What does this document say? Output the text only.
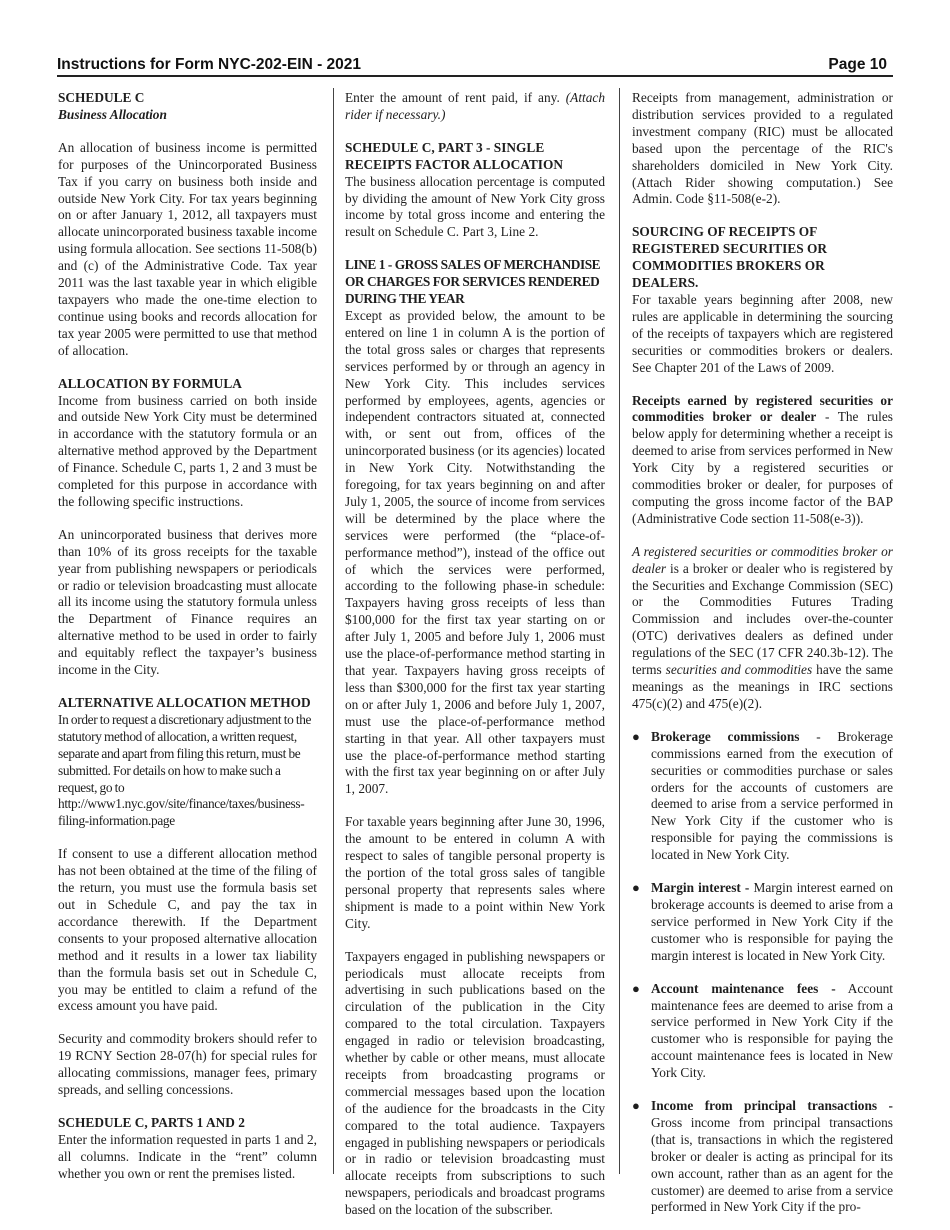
Instructions for Form NYC-202-EIN - 2021	Page 10
SCHEDULE C
Business Allocation

An allocation of business income is permitted for purposes of the Unincorporated Business Tax if you carry on business both inside and outside New York City. For tax years beginning on or after January 1, 2012, all taxpayers must allocate unincorporated business taxable income using formula allocation. See sections 11-508(b) and (c) of the Administrative Code. Tax year 2011 was the last taxable year in which eligible taxpayers who made the one-time election to continue using books and records allocation for tax year 2005 were permitted to use that method of allocation.

ALLOCATION BY FORMULA

Income from business carried on both inside and outside New York City must be determined in accordance with the statutory formula or an alternative method approved by the Department of Finance. Schedule C, parts 1, 2 and 3 must be completed for this purpose in accordance with the following specific instructions.

An unincorporated business that derives more than 10% of its gross receipts for the taxable year from publishing newspapers or periodicals or radio or television broadcasting must allocate all its income using the statutory formula unless the Department of Finance requires an alternative method to be used in order to fairly and equitably reflect the taxpayer’s business income in the City.

ALTERNATIVE ALLOCATION METHOD

In order to request a discretionary adjustment to the statutory method of allocation, a written request, separate and apart from filing this return, must be submitted. For details on how to make such a request, go to http://www1.nyc.gov/site/finance/taxes/business-filing-information.page

If consent to use a different allocation method has not been obtained at the time of the filing of the return, you must use the formula basis set out in Schedule C, and pay the tax in accordance therewith. If the Department consents to your proposed alternative allocation method and it results in a lower tax liability than the formula basis set out in Schedule C, you may be entitled to claim a refund of the excess amount you have paid.

Security and commodity brokers should refer to 19 RCNY Section 28-07(h) for special rules for allocating commissions, manager fees, primary spreads, and selling concessions.

SCHEDULE C, PARTS 1 AND 2

Enter the information requested in parts 1 and 2, all columns. Indicate in the “rent” column whether you own or rent the premises listed.

Enter the amount of rent paid, if any. (Attach rider if necessary.)

SCHEDULE C, PART 3 - SINGLE RECEIPTS FACTOR ALLOCATION

The business allocation percentage is computed by dividing the amount of New York City gross income by total gross income and entering the result on Schedule C. Part 3, Line 2.

LINE 1 - GROSS SALES OF MERCHANDISE OR CHARGES FOR SERVICES RENDERED DURING THE YEAR

Except as provided below, the amount to be entered on line 1 in column A is the portion of the total gross sales or charges that represents services performed by or through an agency in New York City. This includes services performed by employees, agents, agencies or independent contractors situated at, connected with, or sent out from, offices of the unincorporated business (or its agencies) located in New York City. Notwithstanding the foregoing, for tax years beginning on and after July 1, 2005, the source of income from services will be determined by the place where the services were performed (the “place-of-performance method”), instead of the office out of which the services were performed, according to the following phase-in schedule: Taxpayers having gross receipts of less than $100,000 for the first tax year starting on or after July 1, 2005 and before July 1, 2006 must use the place-of-performance method starting in that year. Taxpayers having gross receipts of less than $300,000 for the first tax year starting on or after July 1, 2006 and before July 1, 2007, must use the place-of-performance method starting in that year. All other taxpayers must use the place-of-performance method starting with the first tax year beginning on or after July 1, 2007.

For taxable years beginning after June 30, 1996, the amount to be entered in column A with respect to sales of tangible personal property is the portion of the total gross sales of tangible personal property that represents sales where shipment is made to a point within New York City.

Taxpayers engaged in publishing newspapers or periodicals must allocate receipts from advertising in such publications based on the circulation of the publication in the City compared to the total circulation. Taxpayers engaged in radio or television broadcasting, whether by cable or other means, must allocate receipts from broadcasting programs or commercial messages based upon the location of the audience for the broadcasts in the City compared to the total audience. Taxpayers engaged in publishing newspapers or periodicals or in radio or television broadcasting must allocate receipts from subscriptions to such newspapers, periodicals and broadcast programs based on the location of the subscriber.

Receipts from management, administration or distribution services provided to a regulated investment company (RIC) must be allocated based upon the percentage of the RIC's shareholders domiciled in New York City. (Attach Rider showing computation.) See Admin. Code §11-508(e-2).

SOURCING OF RECEIPTS OF REGISTERED SECURITIES OR COMMODITIES BROKERS OR DEALERS.

For taxable years beginning after 2008, new rules are applicable in determining the sourcing of the receipts of taxpayers which are registered securities or commodities brokers or dealers. See Chapter 201 of the Laws of 2009.

Receipts earned by registered securities or commodities broker or dealer - The rules below apply for determining whether a receipt is deemed to arise from services performed in New York City by a registered securities or commodities broker or dealer, for purposes of computing the gross income factor of the BAP (Administrative Code section 11-508(e-3)).

A registered securities or commodities broker or dealer is a broker or dealer who is registered by the Securities and Exchange Commission (SEC) or the Commodities Futures Trading Commission and includes over-the-counter (OTC) derivatives dealers as defined under regulations of the SEC (17 CFR 240.3b-12). The terms securities and commodities have the same meanings as the meanings in IRC sections 475(c)(2) and 475(e)(2).

● Brokerage commissions - Brokerage commissions earned from the execution of securities or commodities purchase or sales orders for the accounts of customers are deemed to arise from a service performed in New York City if the customer who is responsible for paying the commissions is located in New York City.
● Margin interest - Margin interest earned on brokerage accounts is deemed to arise from a service performed in New York City if the customer who is responsible for paying the margin interest is located in New York City.
● Account maintenance fees - Account maintenance fees are deemed to arise from a service performed in New York City if the customer who is responsible for paying the account maintenance fees is located in New York City.
● Income from principal transactions - Gross income from principal transactions (that is, transactions in which the registered broker or dealer is acting as principal for its own account, rather than as an agent for the customer) are deemed to arise from a service performed in New York City if the pro-
